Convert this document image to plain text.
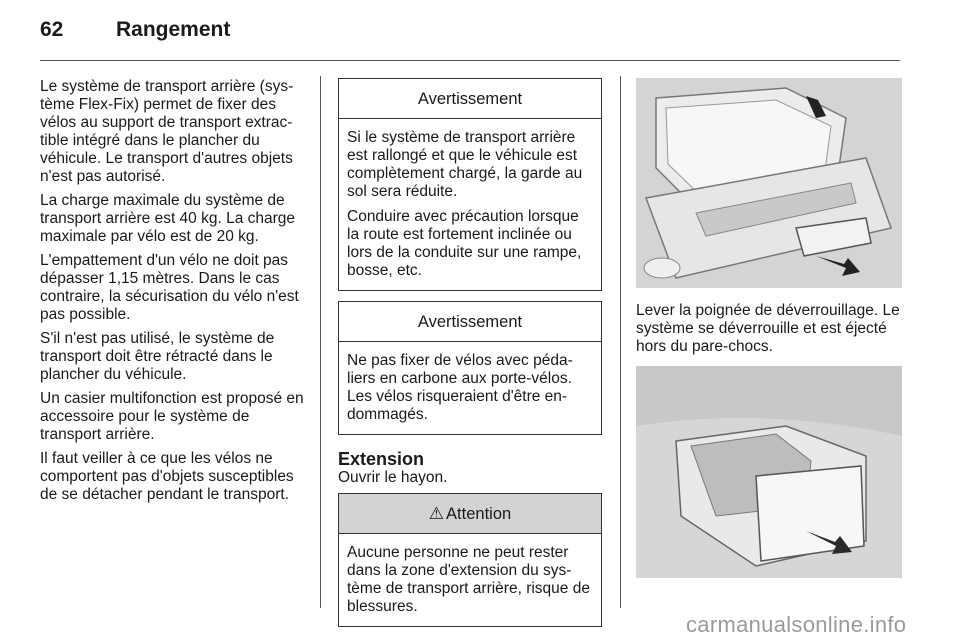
62	Rangement

Le système de transport arrière (système Flex-Fix) permet de fixer des vélos au support de transport extractible intégré dans le plancher du véhicule. Le transport d'autres objets n'est pas autorisé.

La charge maximale du système de transport arrière est 40 kg. La charge maximale par vélo est de 20 kg.

L'empattement d'un vélo ne doit pas dépasser 1,15 mètres. Dans le cas contraire, la sécurisation du vélo n'est pas possible.

S'il n'est pas utilisé, le système de transport doit être rétracté dans le plancher du véhicule.

Un casier multifonction est proposé en accessoire pour le système de transport arrière.

Il faut veiller à ce que les vélos ne comportent pas d'objets susceptibles de se détacher pendant le transport.

Avertissement

Si le système de transport arrière est rallongé et que le véhicule est complètement chargé, la garde au sol sera réduite.

Conduire avec précaution lorsque la route est fortement inclinée ou lors de la conduite sur une rampe, bosse, etc.

Avertissement

Ne pas fixer de vélos avec pédaliers en carbone aux porte-vélos. Les vélos risqueraient d'être endommagés.

Extension

Ouvrir le hayon.

⚠ Attention

Aucune personne ne peut rester dans la zone d'extension du système de transport arrière, risque de blessures.

Lever la poignée de déverrouillage. Le système se déverrouille et est éjecté hors du pare-chocs.

carmanualsonline.info
